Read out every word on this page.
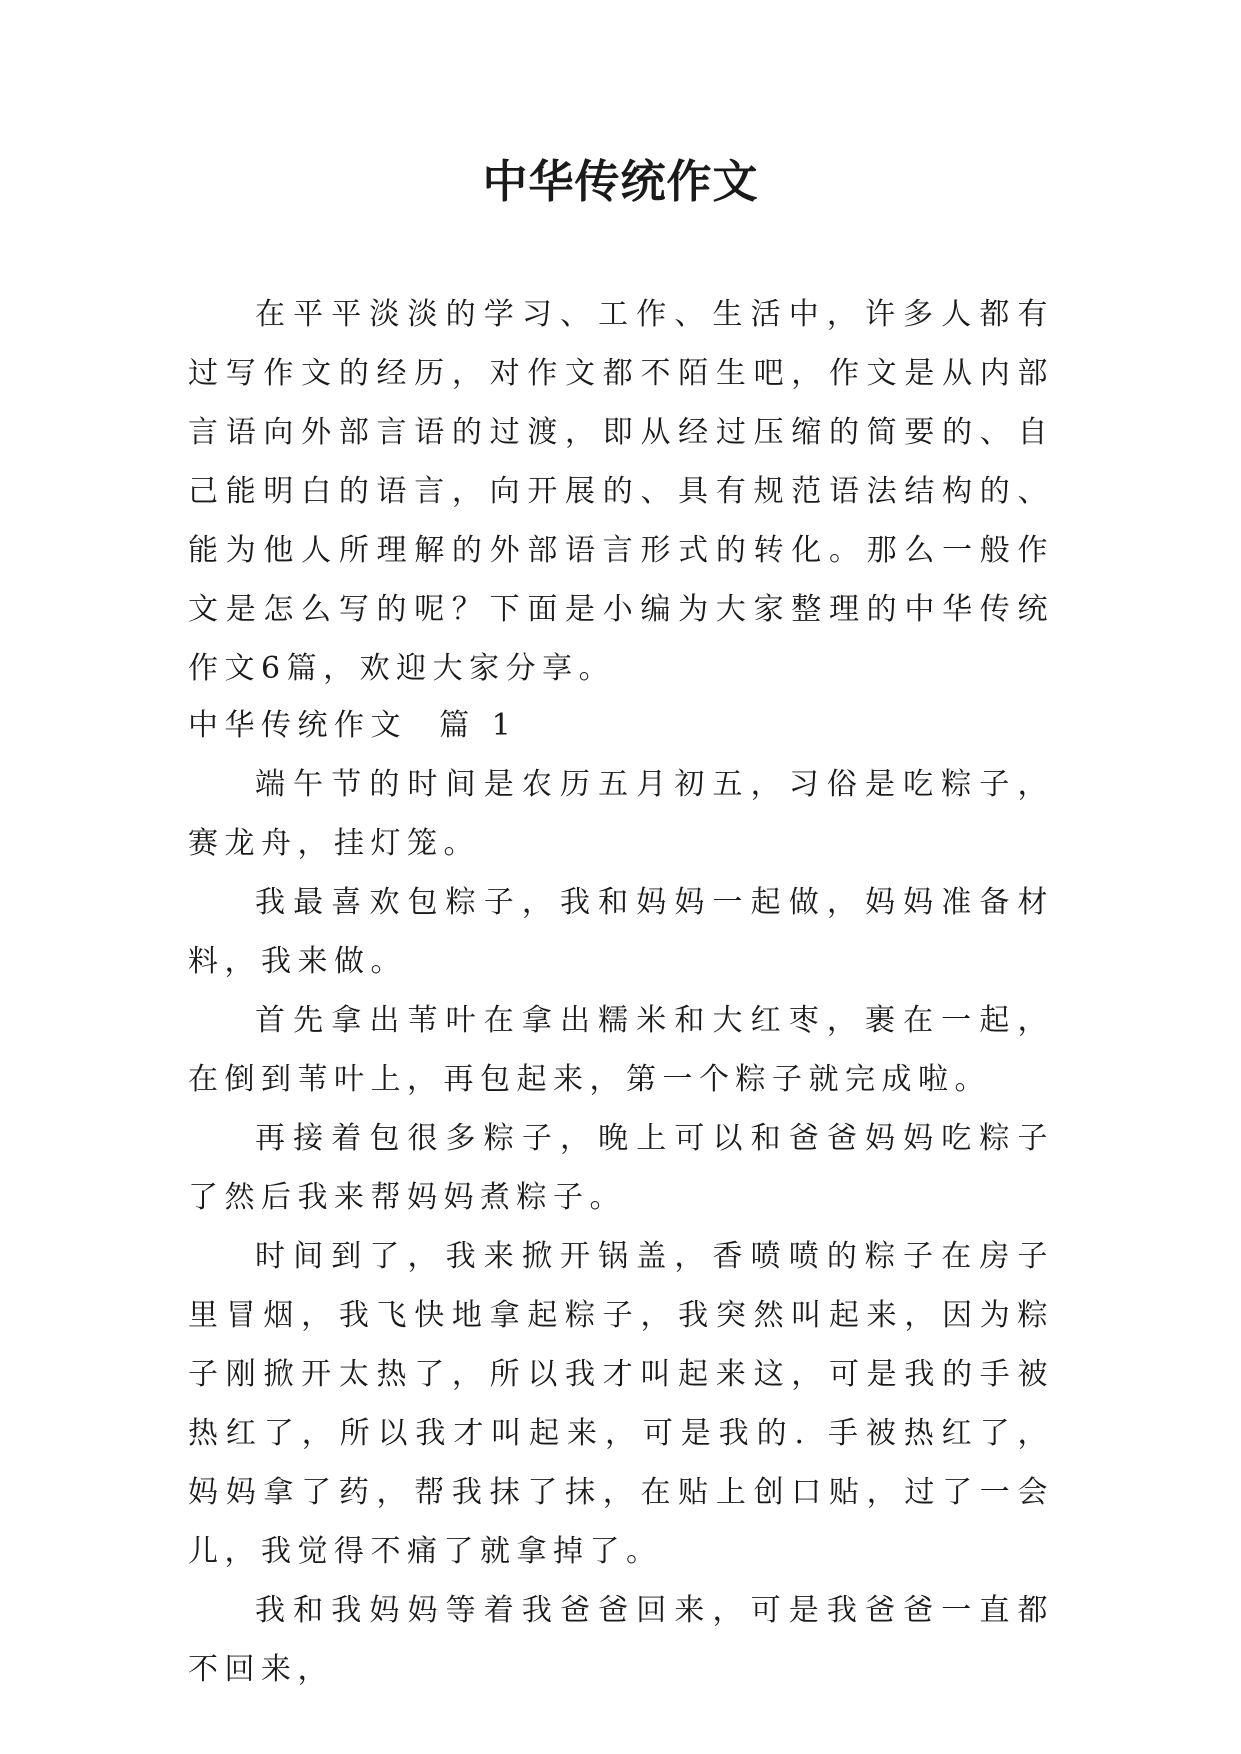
中华传统作文

在平平淡淡的学习、工作、生活中，许多人都有过写作文的经历，对作文都不陌生吧，作文是从内部言语向外部言语的过渡，即从经过压缩的简要的、自己能明白的语言，向开展的、具有规范语法结构的、能为他人所理解的外部语言形式的转化。那么一般作文是怎么写的呢？下面是小编为大家整理的中华传统作文6篇，欢迎大家分享。

中华传统作文  篇 1

端午节的时间是农历五月初五，习俗是吃粽子，赛龙舟，挂灯笼。

我最喜欢包粽子，我和妈妈一起做，妈妈准备材料，我来做。

首先拿出苇叶在拿出糯米和大红枣，裹在一起，在倒到苇叶上，再包起来，第一个粽子就完成啦。

再接着包很多粽子，晚上可以和爸爸妈妈吃粽子了然后我来帮妈妈煮粽子。

时间到了，我来掀开锅盖，香喷喷的粽子在房子里冒烟，我飞快地拿起粽子，我突然叫起来，因为粽子刚掀开太热了，所以我才叫起来这，可是我的手被热红了，所以我才叫起来，可是我的. 手被热红了，妈妈拿了药，帮我抹了抹，在贴上创口贴，过了一会儿，我觉得不痛了就拿掉了。

我和我妈妈等着我爸爸回来，可是我爸爸一直都不回来，
